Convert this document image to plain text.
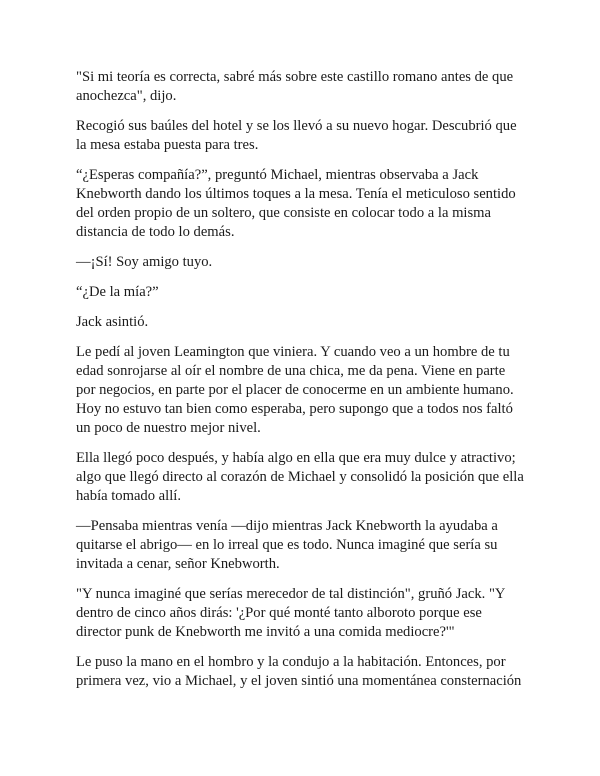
"Si mi teoría es correcta, sabré más sobre este castillo romano antes de que anochezca", dijo.

Recogió sus baúles del hotel y se los llevó a su nuevo hogar. Descubrió que la mesa estaba puesta para tres.

“¿Esperas compañía?”, preguntó Michael, mientras observaba a Jack Knebworth dando los últimos toques a la mesa. Tenía el meticuloso sentido del orden propio de un soltero, que consiste en colocar todo a la misma distancia de todo lo demás.

—¡Sí! Soy amigo tuyo.

“¿De la mía?”

Jack asintió.

Le pedí al joven Leamington que viniera. Y cuando veo a un hombre de tu edad sonrojarse al oír el nombre de una chica, me da pena. Viene en parte por negocios, en parte por el placer de conocerme en un ambiente humano. Hoy no estuvo tan bien como esperaba, pero supongo que a todos nos faltó un poco de nuestro mejor nivel.

Ella llegó poco después, y había algo en ella que era muy dulce y atractivo; algo que llegó directo al corazón de Michael y consolidó la posición que ella había tomado allí.

—Pensaba mientras venía —dijo mientras Jack Knebworth la ayudaba a quitarse el abrigo— en lo irreal que es todo. Nunca imaginé que sería su invitada a cenar, señor Knebworth.

"Y nunca imaginé que serías merecedor de tal distinción", gruñó Jack. "Y dentro de cinco años dirás: '¿Por qué monté tanto alboroto porque ese director punk de Knebworth me invitó a una comida mediocre?'"

Le puso la mano en el hombro y la condujo a la habitación. Entonces, por primera vez, vio a Michael, y el joven sintió una momentánea consternación
